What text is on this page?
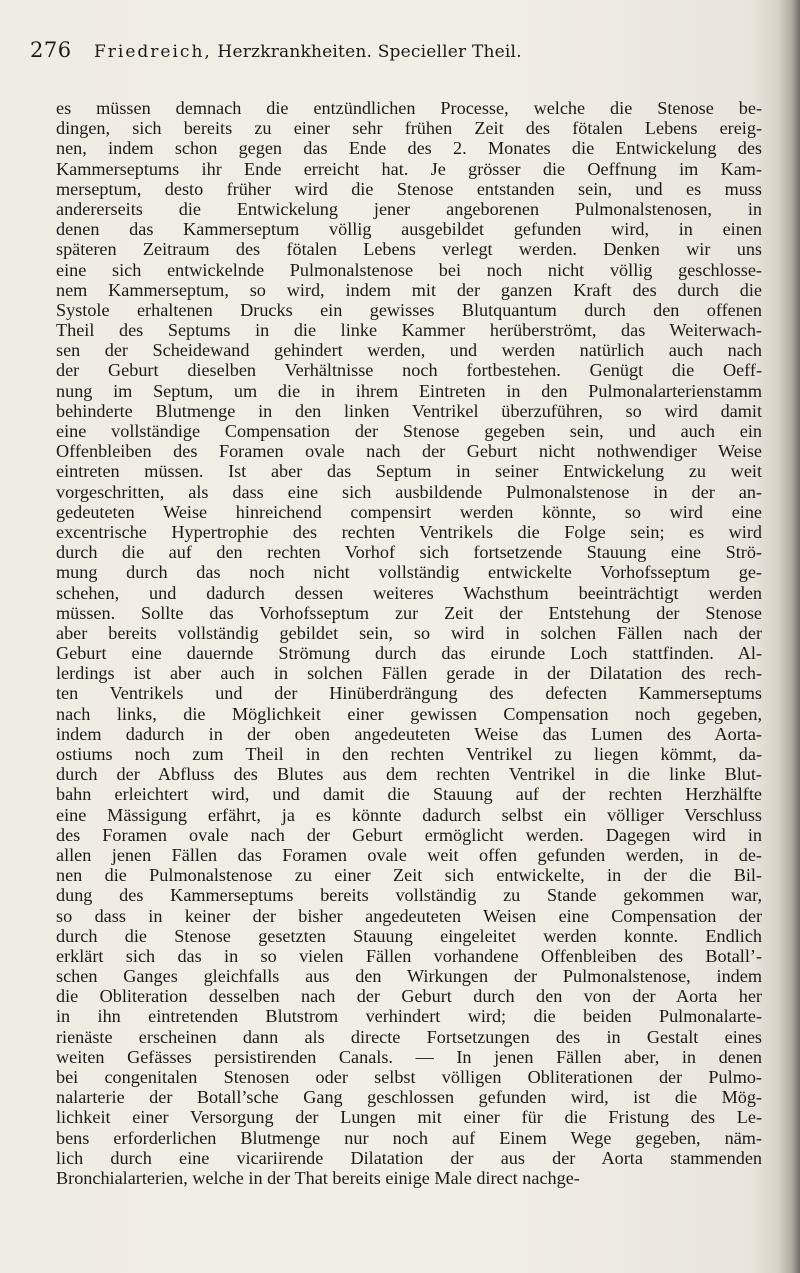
276	Friedreich, Herzkrankheiten. Specieller Theil.
es müssen demnach die entzündlichen Processe, welche die Stenose be-
dingen, sich bereits zu einer sehr frühen Zeit des fötalen Lebens ereig-
nen, indem schon gegen das Ende des 2. Monates die Entwickelung des
Kammerseptums ihr Ende erreicht hat. Je grösser die Oeffnung im Kam-
merseptum, desto früher wird die Stenose entstanden sein, und es muss
andererseits die Entwickelung jener angeborenen Pulmonalstenosen, in
denen das Kammerseptum völlig ausgebildet gefunden wird, in einen
späteren Zeitraum des fötalen Lebens verlegt werden. Denken wir uns
eine sich entwickelnde Pulmonalstenose bei noch nicht völlig geschlosse-
nem Kammerseptum, so wird, indem mit der ganzen Kraft des durch die
Systole erhaltenen Drucks ein gewisses Blutquantum durch den offenen
Theil des Septums in die linke Kammer herüberströmt, das Weiterwach-
sen der Scheidewand gehindert werden, und werden natürlich auch nach
der Geburt dieselben Verhältnisse noch fortbestehen. Genügt die Oeff-
nung im Septum, um die in ihrem Eintreten in den Pulmonalarterienstamm
behinderte Blutmenge in den linken Ventrikel überzuführen, so wird damit
eine vollständige Compensation der Stenose gegeben sein, und auch ein
Offenbleiben des Foramen ovale nach der Geburt nicht nothwendiger Weise
eintreten müssen. Ist aber das Septum in seiner Entwickelung zu weit
vorgeschritten, als dass eine sich ausbildende Pulmonalstenose in der an-
gedeuteten Weise hinreichend compensirt werden könnte, so wird eine
excentrische Hypertrophie des rechten Ventrikels die Folge sein; es wird
durch die auf den rechten Vorhof sich fortsetzende Stauung eine Strö-
mung durch das noch nicht vollständig entwickelte Vorhofsseptum ge-
schehen, und dadurch dessen weiteres Wachsthum beeinträchtigt werden
müssen. Sollte das Vorhofsseptum zur Zeit der Entstehung der Stenose
aber bereits vollständig gebildet sein, so wird in solchen Fällen nach der
Geburt eine dauernde Strömung durch das eirunde Loch stattfinden. Al-
lerdings ist aber auch in solchen Fällen gerade in der Dilatation des rech-
ten Ventrikels und der Hinüberdrängung des defecten Kammerseptums
nach links, die Möglichkeit einer gewissen Compensation noch gegeben,
indem dadurch in der oben angedeuteten Weise das Lumen des Aorta-
ostiums noch zum Theil in den rechten Ventrikel zu liegen kömmt, da-
durch der Abfluss des Blutes aus dem rechten Ventrikel in die linke Blut-
bahn erleichtert wird, und damit die Stauung auf der rechten Herzhälfte
eine Mässigung erfährt, ja es könnte dadurch selbst ein völliger Verschluss
des Foramen ovale nach der Geburt ermöglicht werden. Dagegen wird in
allen jenen Fällen das Foramen ovale weit offen gefunden werden, in de-
nen die Pulmonalstenose zu einer Zeit sich entwickelte, in der die Bil-
dung des Kammerseptums bereits vollständig zu Stande gekommen war,
so dass in keiner der bisher angedeuteten Weisen eine Compensation der
durch die Stenose gesetzten Stauung eingeleitet werden konnte. Endlich
erklärt sich das in so vielen Fällen vorhandene Offenbleiben des Botall’-
schen Ganges gleichfalls aus den Wirkungen der Pulmonalstenose, indem
die Obliteration desselben nach der Geburt durch den von der Aorta her
in ihn eintretenden Blutstrom verhindert wird; die beiden Pulmonalarte-
rienäste erscheinen dann als directe Fortsetzungen des in Gestalt eines
weiten Gefässes persistirenden Canals. — In jenen Fällen aber, in denen
bei congenitalen Stenosen oder selbst völligen Obliterationen der Pulmo-
nalarterie der Botall’sche Gang geschlossen gefunden wird, ist die Mög-
lichkeit einer Versorgung der Lungen mit einer für die Fristung des Le-
bens erforderlichen Blutmenge nur noch auf Einem Wege gegeben, näm-
lich durch eine vicariirende Dilatation der aus der Aorta stammenden
Bronchialarterien, welche in der That bereits einige Male direct nachge-
